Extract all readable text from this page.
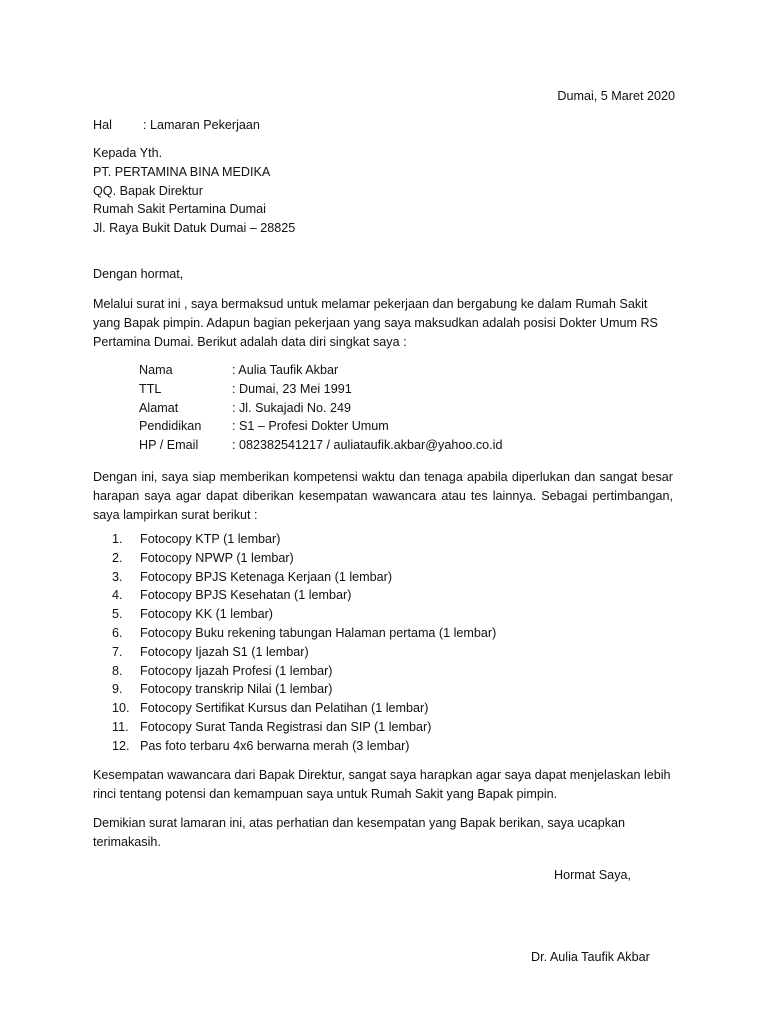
Dumai, 5 Maret 2020
Hal : Lamaran Pekerjaan
Kepada Yth.
PT. PERTAMINA BINA MEDIKA
QQ. Bapak Direktur
Rumah Sakit Pertamina Dumai
Jl. Raya Bukit Datuk Dumai – 28825
Dengan hormat,
Melalui surat ini , saya bermaksud untuk melamar pekerjaan dan bergabung ke dalam Rumah Sakit yang Bapak pimpin. Adapun bagian pekerjaan yang saya maksudkan adalah posisi Dokter Umum RS Pertamina Dumai. Berikut adalah data diri singkat saya :
Nama	: Aulia Taufik Akbar
TTL	: Dumai, 23 Mei 1991
Alamat	: Jl. Sukajadi No. 249
Pendidikan	: S1 – Profesi Dokter Umum
HP / Email	: 082382541217 / auliataufik.akbar@yahoo.co.id
Dengan ini, saya siap memberikan kompetensi waktu dan tenaga apabila diperlukan dan sangat besar harapan saya agar dapat diberikan kesempatan wawancara atau tes lainnya. Sebagai pertimbangan, saya lampirkan surat berikut :
1. Fotocopy KTP (1 lembar)
2. Fotocopy NPWP (1 lembar)
3. Fotocopy BPJS Ketenaga Kerjaan (1 lembar)
4. Fotocopy BPJS Kesehatan (1 lembar)
5. Fotocopy KK (1 lembar)
6. Fotocopy Buku rekening tabungan Halaman pertama (1 lembar)
7. Fotocopy Ijazah S1 (1 lembar)
8. Fotocopy Ijazah Profesi (1 lembar)
9. Fotocopy transkrip Nilai (1 lembar)
10. Fotocopy Sertifikat Kursus dan Pelatihan (1 lembar)
11. Fotocopy Surat Tanda Registrasi dan SIP (1 lembar)
12. Pas foto terbaru 4x6 berwarna merah (3 lembar)
Kesempatan wawancara dari Bapak Direktur, sangat saya harapkan agar saya dapat menjelaskan lebih rinci tentang potensi dan kemampuan saya untuk Rumah Sakit yang Bapak pimpin.
Demikian surat lamaran ini, atas perhatian dan kesempatan yang Bapak berikan, saya ucapkan terimakasih.
Hormat Saya,
Dr. Aulia Taufik Akbar
